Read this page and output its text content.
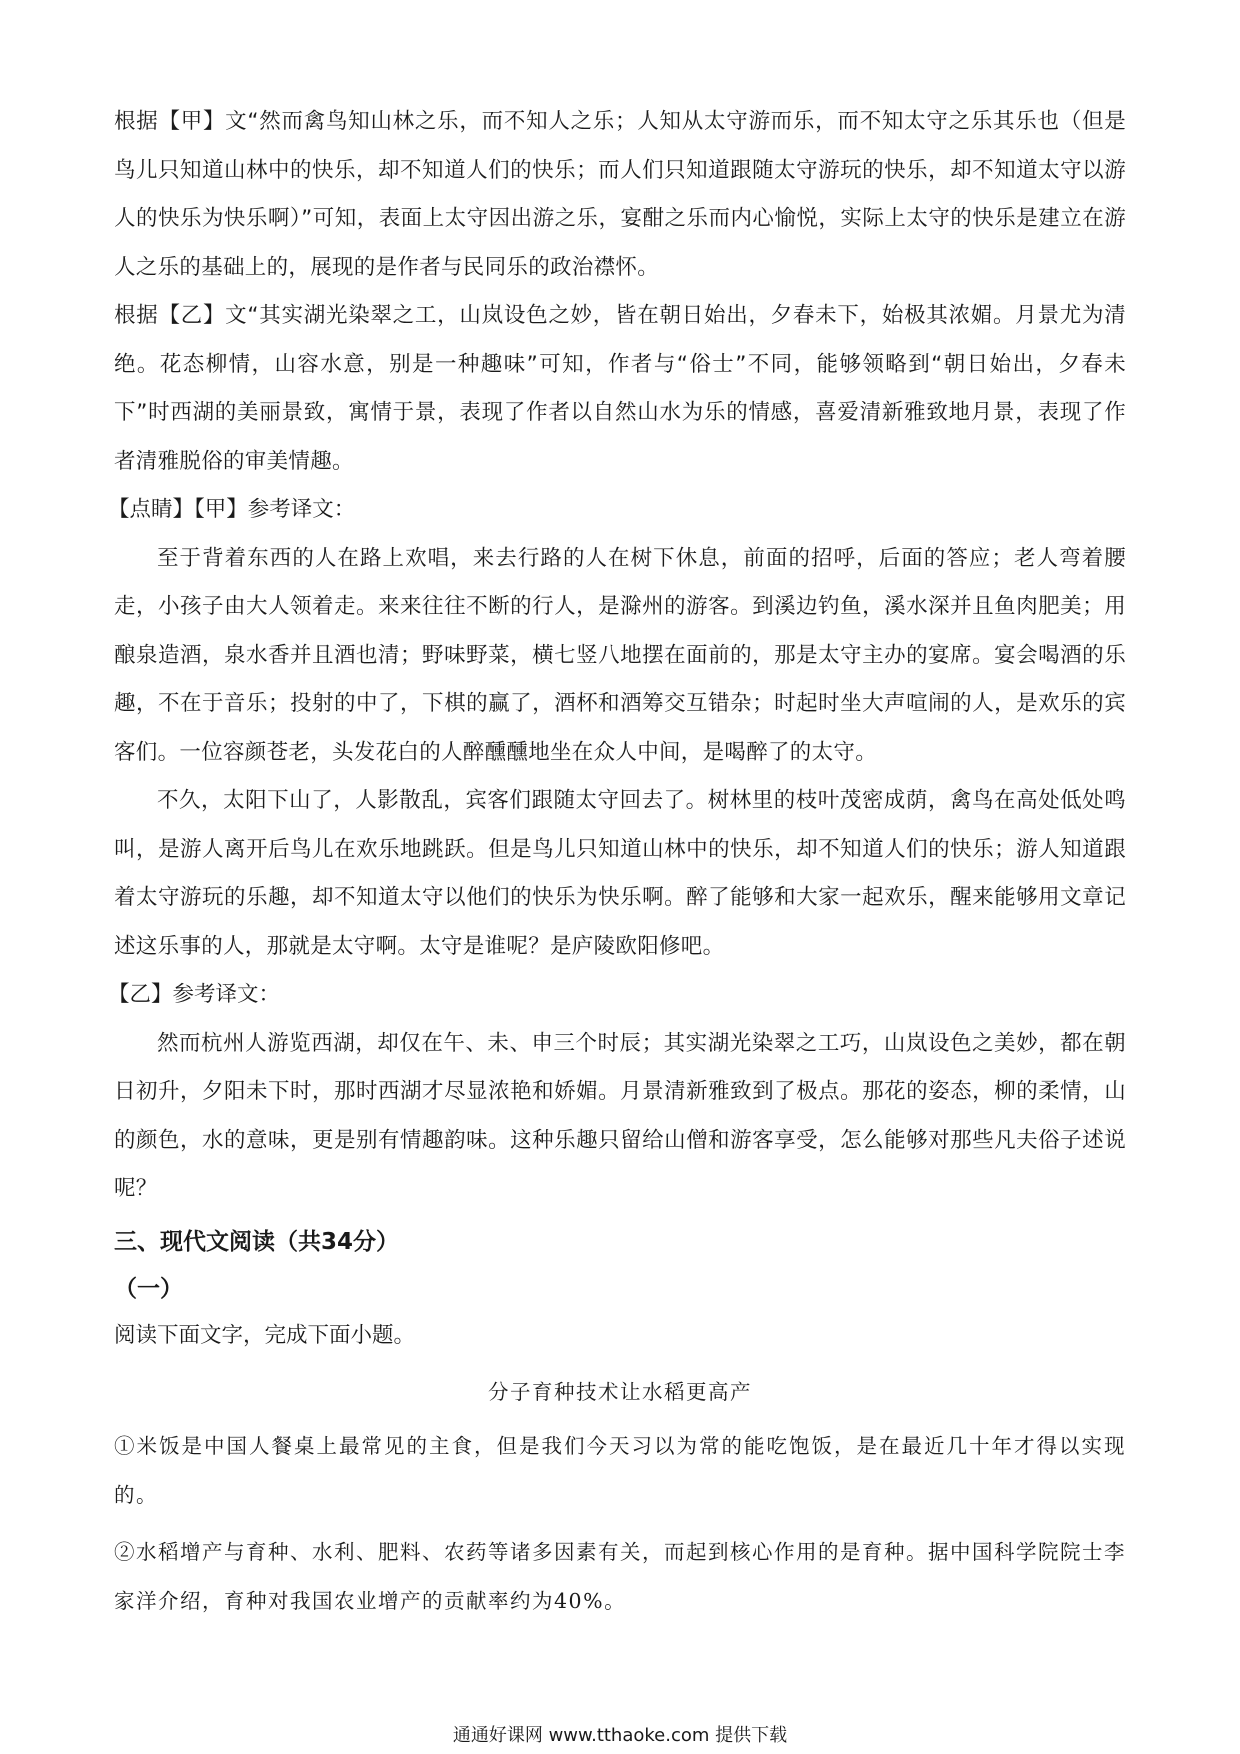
根据【甲】文“然而禽鸟知山林之乐，而不知人之乐；人知从太守游而乐，而不知太守之乐其乐也（但是鸟儿只知道山林中的快乐，却不知道人们的快乐；而人们只知道跟随太守游玩的快乐，却不知道太守以游人的快乐为快乐啊）”可知，表面上太守因出游之乐，宴酣之乐而内心愉悦，实际上太守的快乐是建立在游人之乐的基础上的，展现的是作者与民同乐的政治襟怀。

根据【乙】文“其实湖光染翠之工，山岚设色之妙，皆在朝日始出，夕春未下，始极其浓媚。月景尤为清绝。花态柳情，山容水意，别是一种趣味”可知，作者与“俗士”不同，能够领略到“朝日始出，夕春未下”时西湖的美丽景致，寓情于景，表现了作者以自然山水为乐的情感，喜爱清新雅致地月景，表现了作者清雅脱俗的审美情趣。

【点睛】【甲】参考译文：

至于背着东西的人在路上欢唱，来去行路的人在树下休息，前面的招呼，后面的答应；老人弯着腰走，小孩子由大人领着走。来来往往不断的行人，是滁州的游客。到溪边钓鱼，溪水深并且鱼肉肥美；用酿泉造酒，泉水香并且酒也清；野味野菜，横七竖八地摆在面前的，那是太守主办的宴席。宴会喝酒的乐趣，不在于音乐；投射的中了，下棋的赢了，酒杯和酒筹交互错杂；时起时坐大声喧闹的人，是欢乐的宾客们。一位容颜苍老，头发花白的人醉醺醺地坐在众人中间，是喝醉了的太守。

不久，太阳下山了，人影散乱，宾客们跟随太守回去了。树林里的枝叶茂密成荫，禽鸟在高处低处鸣叫，是游人离开后鸟儿在欢乐地跳跃。但是鸟儿只知道山林中的快乐，却不知道人们的快乐；游人知道跟着太守游玩的乐趣，却不知道太守以他们的快乐为快乐啊。醉了能够和大家一起欢乐，醒来能够用文章记述这乐事的人，那就是太守啊。太守是谁呢？是庐陵欧阳修吧。

【乙】参考译文：

然而杭州人游览西湖，却仅在午、未、申三个时辰；其实湖光染翠之工巧，山岚设色之美妙，都在朝日初升，夕阳未下时，那时西湖才尽显浓艳和娇媚。月景清新雅致到了极点。那花的姿态，柳的柔情，山的颜色，水的意味，更是别有情趣韵味。这种乐趣只留给山僧和游客享受，怎么能够对那些凡夫俗子述说呢？

三、现代文阅读（共34分）

（一）

阅读下面文字，完成下面小题。

分子育种技术让水稻更高产

①米饭是中国人餐桌上最常见的主食，但是我们今天习以为常的能吃饱饭，是在最近几十年才得以实现的。

②水稻增产与育种、水利、肥料、农药等诸多因素有关，而起到核心作用的是育种。据中国科学院院士李家洋介绍，育种对我国农业增产的贡献率约为40%。

通通好课网 www.tthaoke.com 提供下载
